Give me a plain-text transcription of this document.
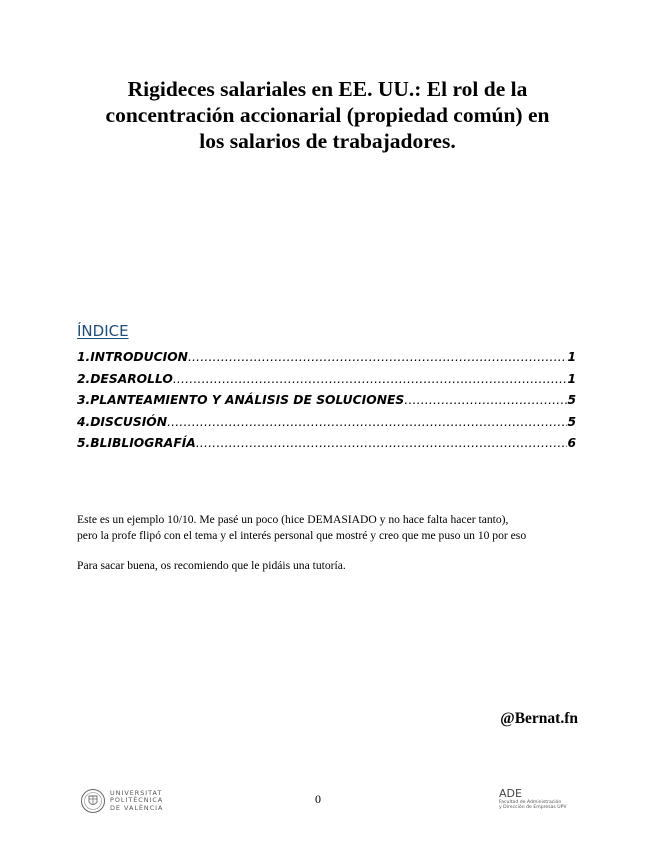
Rigideces salariales en EE. UU.: El rol de la
concentración accionarial (propiedad común) en
los salarios de trabajadores.
ÍNDICE
1.INTRODUCION .....	1
2.DESAROLLO .....	1
3.PLANTEAMIENTO Y ANÁLISIS DE SOLUCIONES .....	5
4.DISCUSIÓN .....	5
5.BLIBLIOGRAFÍA .....	6
Este es un ejemplo 10/10. Me pasé un poco (hice DEMASIADO y no hace falta hacer tanto),
pero la profe flipó con el tema y el interés personal que mostré y creo que me puso un 10 por eso
Para sacar buena, os recomiendo que le pidáis una tutoría.
@Bernat.fn
UNIVERSITAT
POLITÈCNICA
DE VALÈNCIA
0	ADE
Facultad de Administración
y Dirección de Empresas UPV
